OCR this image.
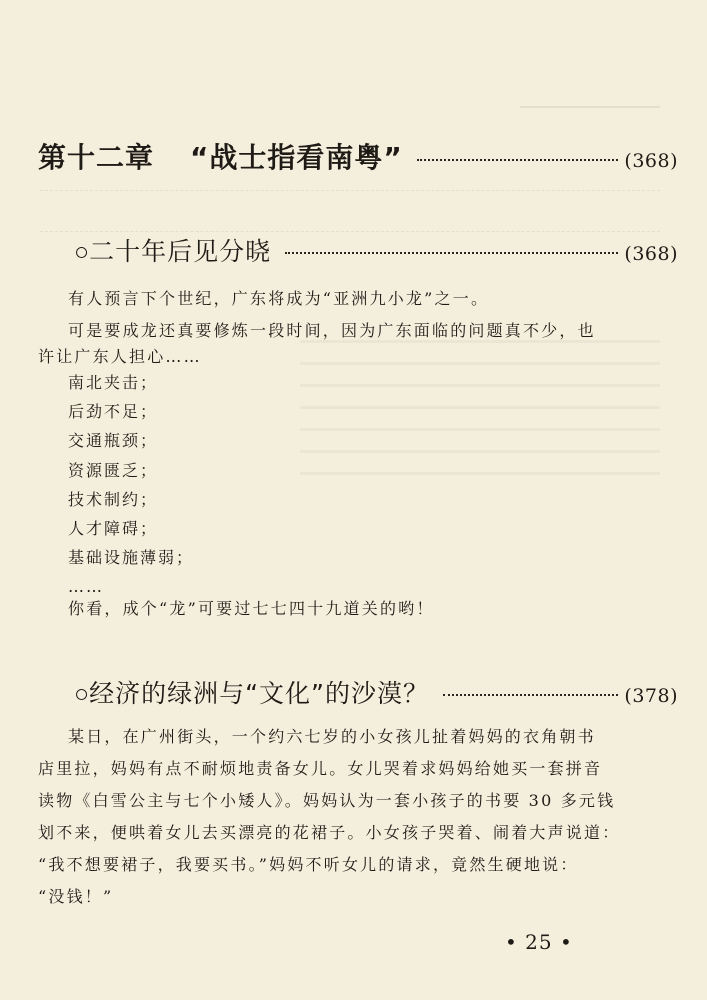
第十二章 “战士指看南粤”	(368)
○ 二十年后见分晓	(368)
有人预言下个世纪，广东将成为“亚洲九小龙”之一。
可是要成龙还真要修炼一段时间，因为广东面临的问题真不少，也
许让广东人担心……
南北夹击；
后劲不足；
交通瓶颈；
资源匮乏；
技术制约；
人才障碍；
基础设施薄弱；
……
你看，成个“龙”可要过七七四十九道关的哟！
○ 经济的绿洲与“文化”的沙漠？	(378)
某日，在广州街头，一个约六七岁的小女孩儿扯着妈妈的衣角朝书
店里拉，妈妈有点不耐烦地责备女儿。女儿哭着求妈妈给她买一套拼音
读物《白雪公主与七个小矮人》。妈妈认为一套小孩子的书要 30 多元钱
划不来，便哄着女儿去买漂亮的花裙子。小女孩子哭着、闹着大声说道：
“我不想要裙子，我要买书。”妈妈不听女儿的请求，竟然生硬地说：
“没钱！”
• 25 •
